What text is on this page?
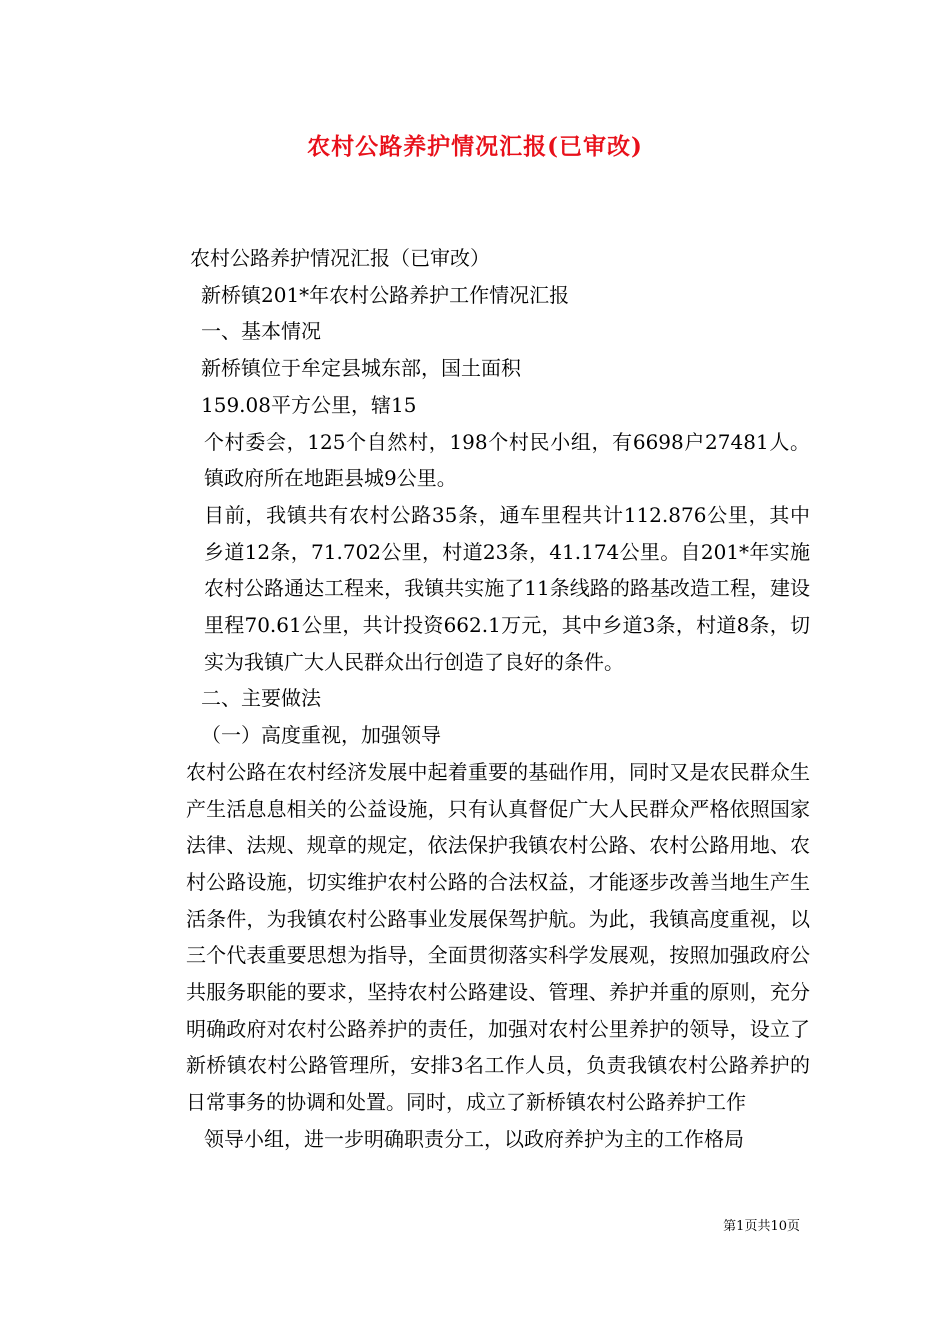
农村公路养护情况汇报(已审改)
农村公路养护情况汇报（已审改）
新桥镇201*年农村公路养护工作情况汇报
一、基本情况
新桥镇位于牟定县城东部，国土面积
159.08平方公里，辖15
个村委会，125个自然村，198个村民小组，有6698户27481人。镇政府所在地距县城9公里。
目前，我镇共有农村公路35条，通车里程共计112.876公里，其中乡道12条，71.702公里，村道23条，41.174公里。自201*年实施农村公路通达工程来，我镇共实施了11条线路的路基改造工程，建设里程70.61公里，共计投资662.1万元，其中乡道3条，村道8条，切实为我镇广大人民群众出行创造了良好的条件。
二、主要做法
（一）高度重视，加强领导
农村公路在农村经济发展中起着重要的基础作用，同时又是农民群众生产生活息息相关的公益设施，只有认真督促广大人民群众严格依照国家法律、法规、规章的规定，依法保护我镇农村公路、农村公路用地、农村公路设施，切实维护农村公路的合法权益，才能逐步改善当地生产生活条件，为我镇农村公路事业发展保驾护航。为此，我镇高度重视，以三个代表重要思想为指导，全面贯彻落实科学发展观，按照加强政府公共服务职能的要求，坚持农村公路建设、管理、养护并重的原则，充分明确政府对农村公路养护的责任，加强对农村公里养护的领导，设立了新桥镇农村公路管理所，安排3名工作人员，负责我镇农村公路养护的日常事务的协调和处置。同时，成立了新桥镇农村公路养护工作
领导小组，进一步明确职责分工，以政府养护为主的工作格局
第1页共10页
